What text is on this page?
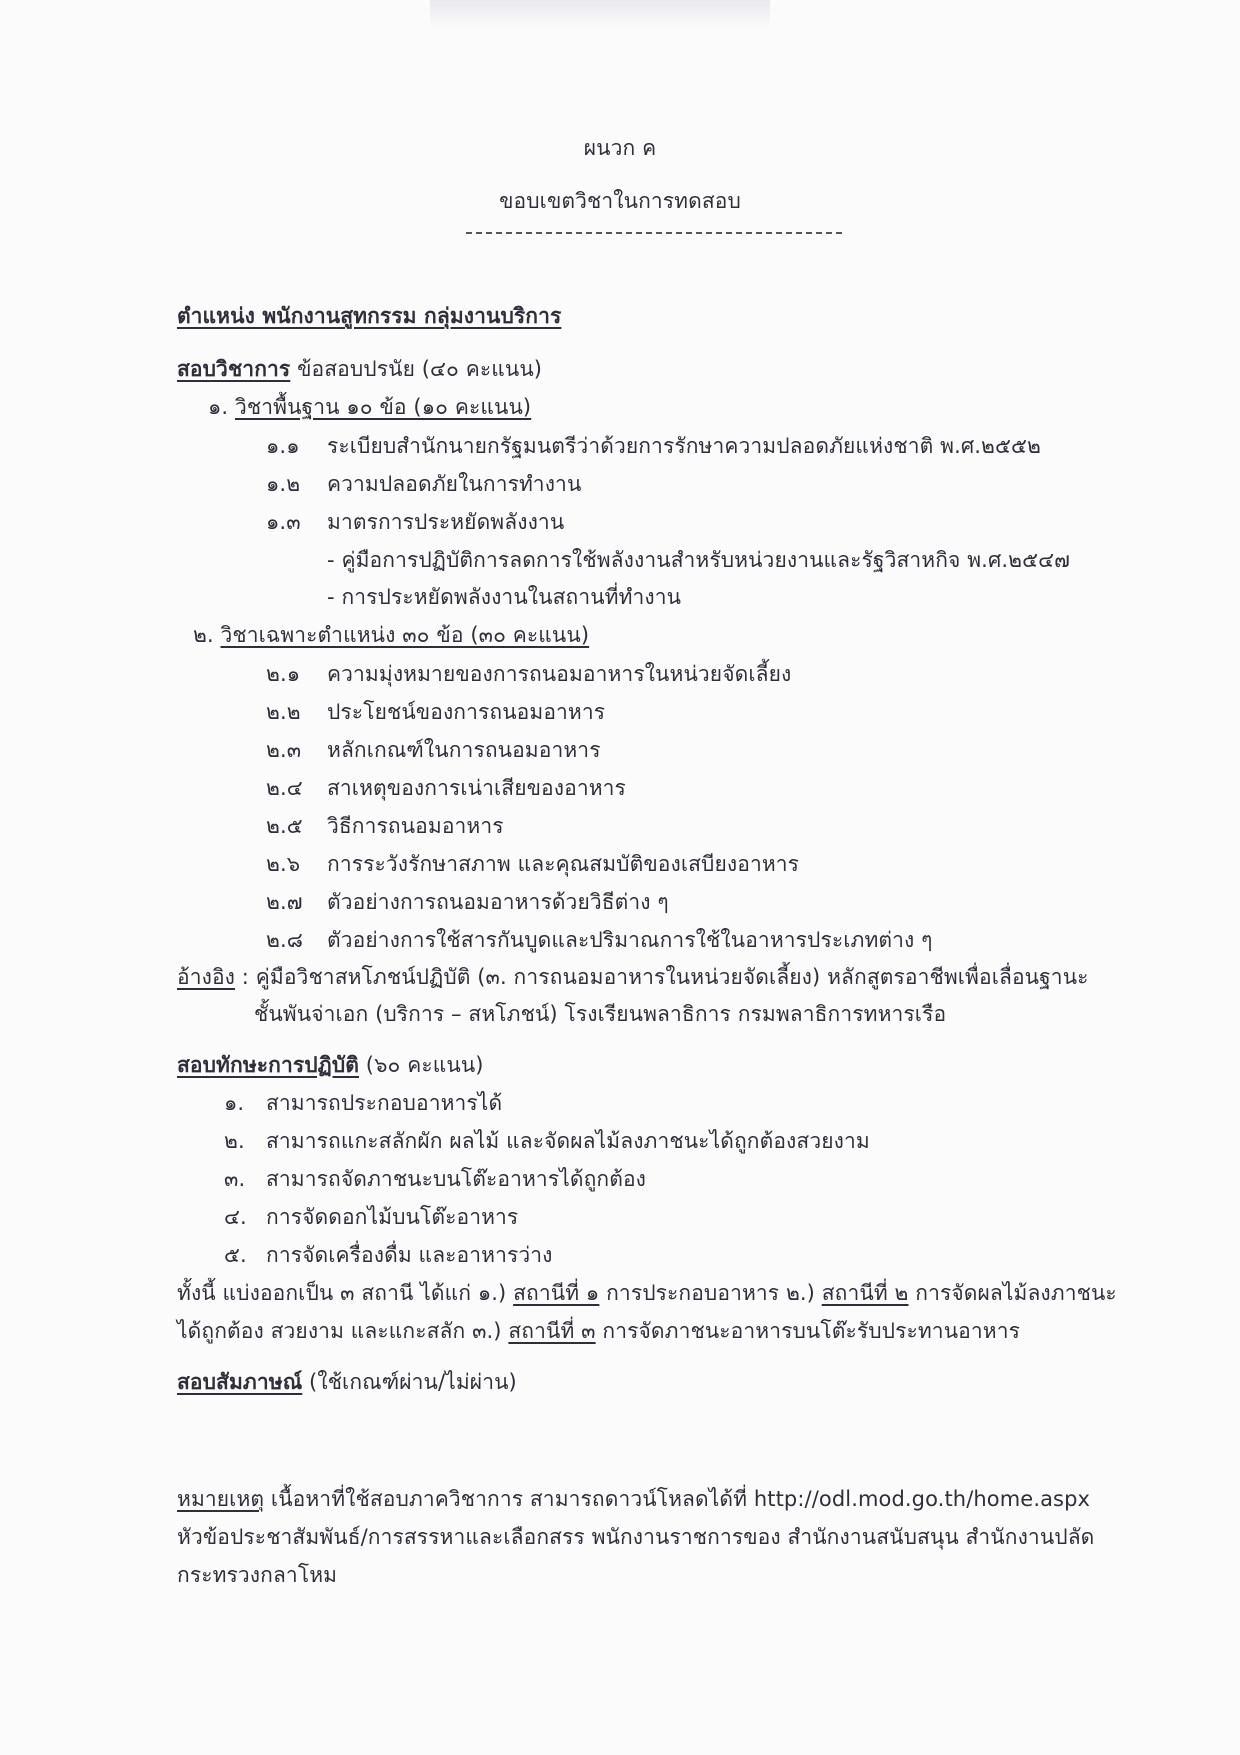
ผนวก ค
ขอบเขตวิชาในการทดสอบ
ตำแหน่ง พนักงานสูทกรรม กลุ่มงานบริการ
สอบวิชาการ ข้อสอบปรนัย (๔๐ คะแนน)
๑. วิชาพื้นฐาน ๑๐ ข้อ (๑๐ คะแนน)
๑.๑ ระเบียบสำนักนายกรัฐมนตรีว่าด้วยการรักษาความปลอดภัยแห่งชาติ พ.ศ.๒๕๕๒
๑.๒ ความปลอดภัยในการทำงาน
๑.๓ มาตรการประหยัดพลังงาน
- คู่มือการปฏิบัติการลดการใช้พลังงานสำหรับหน่วยงานและรัฐวิสาหกิจ พ.ศ.๒๕๔๗
- การประหยัดพลังงานในสถานที่ทำงาน
๒. วิชาเฉพาะตำแหน่ง ๓๐ ข้อ (๓๐ คะแนน)
๒.๑ ความมุ่งหมายของการถนอมอาหารในหน่วยจัดเลี้ยง
๒.๒ ประโยชน์ของการถนอมอาหาร
๒.๓ หลักเกณฑ์ในการถนอมอาหาร
๒.๔ สาเหตุของการเน่าเสียของอาหาร
๒.๕ วิธีการถนอมอาหาร
๒.๖ การระวังรักษาสภาพ และคุณสมบัติของเสบียงอาหาร
๒.๗ ตัวอย่างการถนอมอาหารด้วยวิธีต่าง ๆ
๒.๘ ตัวอย่างการใช้สารกันบูดและปริมาณการใช้ในอาหารประเภทต่าง ๆ
อ้างอิง : คู่มือวิชาสหโภชน์ปฏิบัติ (๓. การถนอมอาหารในหน่วยจัดเลี้ยง) หลักสูตรอาชีพเพื่อเลื่อนฐานะ
ชั้นพันจ่าเอก (บริการ – สหโภชน์) โรงเรียนพลาธิการ กรมพลาธิการทหารเรือ
สอบทักษะการปฏิบัติ (๖๐ คะแนน)
๑. สามารถประกอบอาหารได้
๒. สามารถแกะสลักผัก ผลไม้ และจัดผลไม้ลงภาชนะได้ถูกต้องสวยงาม
๓. สามารถจัดภาชนะบนโต๊ะอาหารได้ถูกต้อง
๔. การจัดดอกไม้บนโต๊ะอาหาร
๕. การจัดเครื่องดื่ม และอาหารว่าง
ทั้งนี้ แบ่งออกเป็น ๓ สถานี ได้แก่ ๑.) สถานีที่ ๑ การประกอบอาหาร ๒.) สถานีที่ ๒ การจัดผลไม้ลงภาชนะ
ได้ถูกต้อง สวยงาม และแกะสลัก ๓.) สถานีที่ ๓ การจัดภาชนะอาหารบนโต๊ะรับประทานอาหาร
สอบสัมภาษณ์ (ใช้เกณฑ์ผ่าน/ไม่ผ่าน)
หมายเหตุ เนื้อหาที่ใช้สอบภาควิชาการ สามารถดาวน์โหลดได้ที่ http://odl.mod.go.th/home.aspx
หัวข้อประชาสัมพันธ์/การสรรหาและเลือกสรร พนักงานราชการของ สำนักงานสนับสนุน สำนักงานปลัด
กระทรวงกลาโหม
